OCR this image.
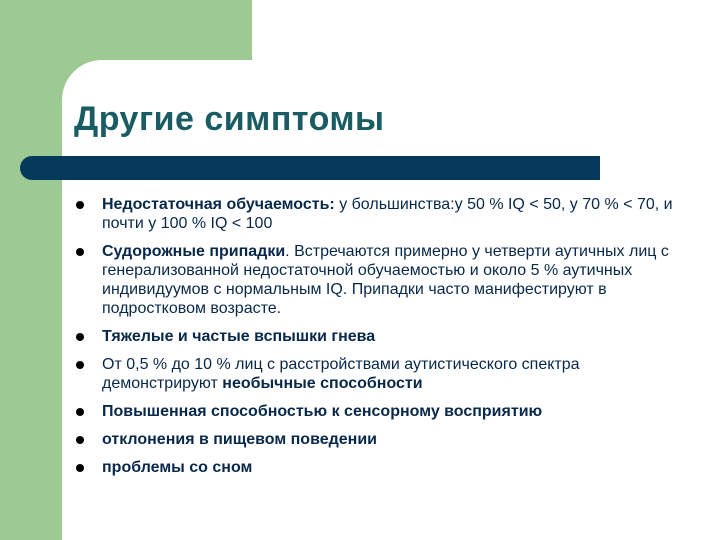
Другие симптомы
Недостаточная обучаемость: у большинства:у 50 % IQ < 50, у 70 % < 70, и почти у 100 % IQ < 100
Судорожные припадки. Встречаются примерно у четверти аутичных лиц с генерализованной недостаточной обучаемостью и около 5 % аутичных индивидуумов с нормальным IQ. Припадки часто манифестируют в подростковом возрасте.
Тяжелые и частые вспышки гнева
От 0,5 % до 10 % лиц с расстройствами аутистического спектра демонстрируют необычные способности
Повышенная способностью к сенсорному восприятию
отклонения в пищевом поведении
проблемы со сном
